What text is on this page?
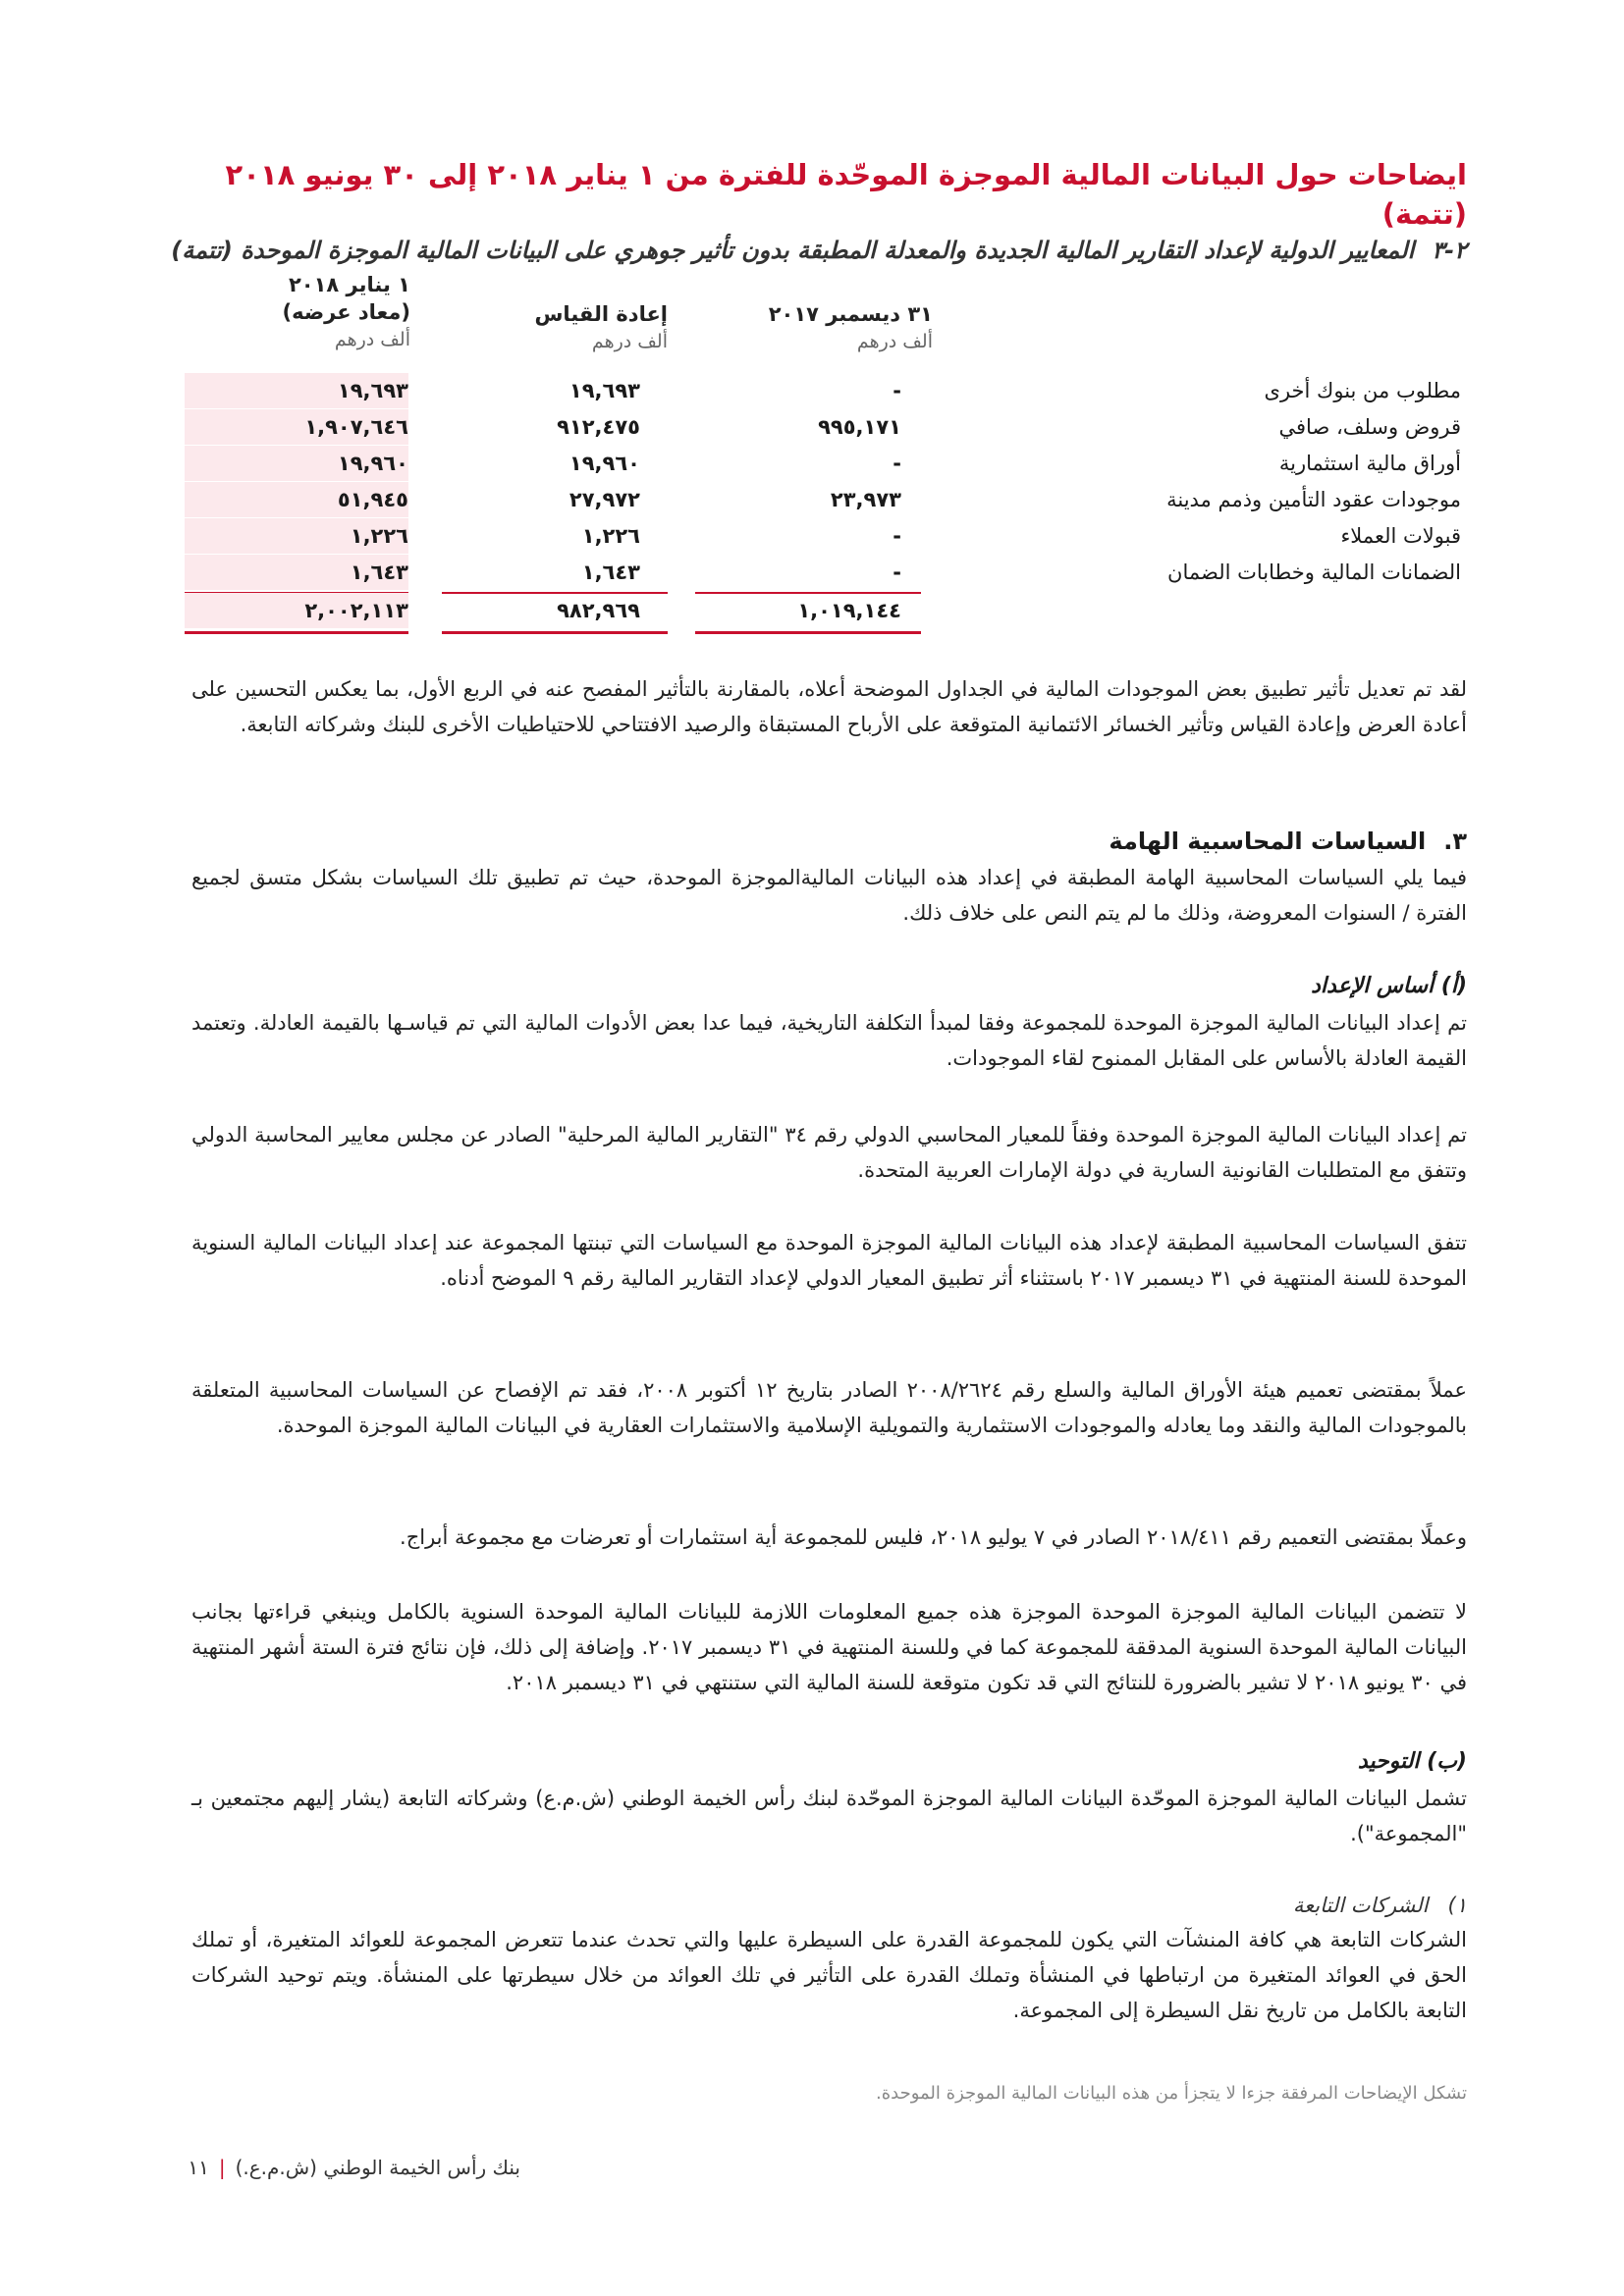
ايضاحات حول البيانات المالية الموجزة الموحّدة للفترة من ١ يناير ٢٠١٨ إلى ٣٠ يونيو ٢٠١٨ (تتمة)
٢-٣المعايير الدولية لإعداد التقارير المالية الجديدة والمعدلة المطبقة بدون تأثير جوهري على البيانات المالية الموجزة الموحدة (تتمة)
٣١ ديسمبر ٢٠١٧
ألف درهم
إعادة القياس
ألف درهم
١ يناير ٢٠١٨
(معاد عرضه)
ألف درهم
مطلوب من بنوك أخرى
-
١٩,٦٩٣
١٩,٦٩٣
قروض وسلف، صافي
٩٩٥,١٧١
٩١٢,٤٧٥
١,٩٠٧,٦٤٦
أوراق مالية استثمارية
-
١٩,٩٦٠
١٩,٩٦٠
موجودات عقود التأمين وذمم مدينة
٢٣,٩٧٣
٢٧,٩٧٢
٥١,٩٤٥
قبولات العملاء
-
١,٢٢٦
١,٢٢٦
الضمانات المالية وخطابات الضمان
-
١,٦٤٣
١,٦٤٣
١,٠١٩,١٤٤
٩٨٢,٩٦٩
٢,٠٠٢,١١٣

لقد تم تعديل تأثير تطبيق بعض الموجودات المالية في الجداول الموضحة أعلاه، بالمقارنة بالتأثير المفصح عنه في الربع الأول، بما يعكس التحسين على أعادة العرض وإعادة القياس وتأثير الخسائر الائتمانية المتوقعة على الأرباح المستبقاة والرصيد الافتتاحي للاحتياطيات الأخرى للبنك وشركاته التابعة.

٣.السياسات المحاسبية الهامة

فيما يلي السياسات المحاسبية الهامة المطبقة في إعداد هذه البيانات الماليةالموجزة الموحدة، حيث تم تطبيق تلك السياسات بشكل متسق لجميع الفترة / السنوات المعروضة، وذلك ما لم يتم النص على خلاف ذلك.

(أ) أساس الإعداد

تم إعداد البيانات المالية الموجزة الموحدة للمجموعة وفقا لمبدأ التكلفة التاريخية، فيما عدا بعض الأدوات المالية التي تم قياسـها بالقيمة العادلة. وتعتمد القيمة العادلة بالأساس على المقابل الممنوح لقاء الموجودات.

تم إعداد البيانات المالية الموجزة الموحدة وفقاً للمعيار المحاسبي الدولي رقم ٣٤ "التقارير المالية المرحلية" الصادر عن مجلس معايير المحاسبة الدولي وتتفق مع المتطلبات القانونية السارية في دولة الإمارات العربية المتحدة.

تتفق السياسات المحاسبية المطبقة لإعداد هذه البيانات المالية الموجزة الموحدة مع السياسات التي تبنتها المجموعة عند إعداد البيانات المالية السنوية الموحدة للسنة المنتهية في ٣١ ديسمبر ٢٠١٧ باستثناء أثر تطبيق المعيار الدولي لإعداد التقارير المالية رقم ٩ الموضح أدناه.

عملاً بمقتضى تعميم هيئة الأوراق المالية والسلع رقم ٢٠٠٨/٢٦٢٤ الصادر بتاريخ ١٢ أكتوبر ٢٠٠٨، فقد تم الإفصاح عن السياسات المحاسبية المتعلقة بالموجودات المالية والنقد وما يعادله والموجودات الاستثمارية والتمويلية الإسلامية والاستثمارات العقارية في البيانات المالية الموجزة الموحدة.

وعملًا بمقتضى التعميم رقم ٢٠١٨/٤١١ الصادر في ٧ يوليو ٢٠١٨، فليس للمجموعة أية استثمارات أو تعرضات مع مجموعة أبراج.

لا تتضمن البيانات المالية الموجزة الموحدة الموجزة هذه جميع المعلومات اللازمة للبيانات المالية الموحدة السنوية بالكامل وينبغي قراءتها بجانب البيانات المالية الموحدة السنوية المدققة للمجموعة كما في وللسنة المنتهية في ٣١ ديسمبر ٢٠١٧. وإضافة إلى ذلك، فإن نتائج فترة الستة أشهر المنتهية في ٣٠ يونيو ٢٠١٨ لا تشير بالضرورة للنتائج التي قد تكون متوقعة للسنة المالية التي ستنتهي في ٣١ ديسمبر ٢٠١٨.

(ب) التوحيد

تشمل البيانات المالية الموجزة الموحّدة البيانات المالية الموجزة الموحّدة لبنك رأس الخيمة الوطني (ش.م.ع) وشركاته التابعة (يشار إليهم مجتمعين بـ "المجموعة").

١)الشركات التابعة

الشركات التابعة هي كافة المنشآت التي يكون للمجموعة القدرة على السيطرة عليها والتي تحدث عندما تتعرض المجموعة للعوائد المتغيرة، أو تملك الحق في العوائد المتغيرة من ارتباطها في المنشأة وتملك القدرة على التأثير في تلك العوائد من خلال سيطرتها على المنشأة. ويتم توحيد الشركات التابعة بالكامل من تاريخ نقل السيطرة إلى المجموعة.

تشكل الإيضاحات المرفقة جزءا لا يتجزأ من هذه البيانات المالية الموجزة الموحدة.
بنك رأس الخيمة الوطني (ش.م.ع.)|١١
